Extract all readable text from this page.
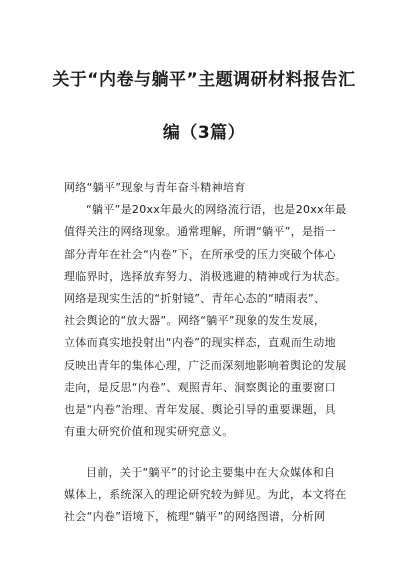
关于“内卷与躺平”主题调研材料报告汇
编（3篇）
网络“躺平”现象与青年奋斗精神培育
“躺平”是20xx年最火的网络流行语，也是20xx年最
值得关注的网络现象。通常理解，所谓“躺平”，是指一
部分青年在社会“内卷”下，在所承受的压力突破个体心
理临界时，选择放弃努力、消极逃避的精神或行为状态。
网络是现实生活的“折射镜”、青年心态的“晴雨表”、
社会舆论的“放大器”。网络“躺平”现象的发生发展，
立体而真实地投射出“内卷”的现实样态，直观而生动地
反映出青年的集体心理，广泛而深刻地影响着舆论的发展
走向，是反思“内卷”、观照青年、洞察舆论的重要窗口
也是“内卷”治理、青年发展、舆论引导的重要课题，具
有重大研究价值和现实研究意义。
目前，关于“躺平”的讨论主要集中在大众媒体和自
媒体上，系统深入的理论研究较为鲜见。为此，本文将在
社会“内卷”语境下，梳理“躺平”的网络图谱，分析网
